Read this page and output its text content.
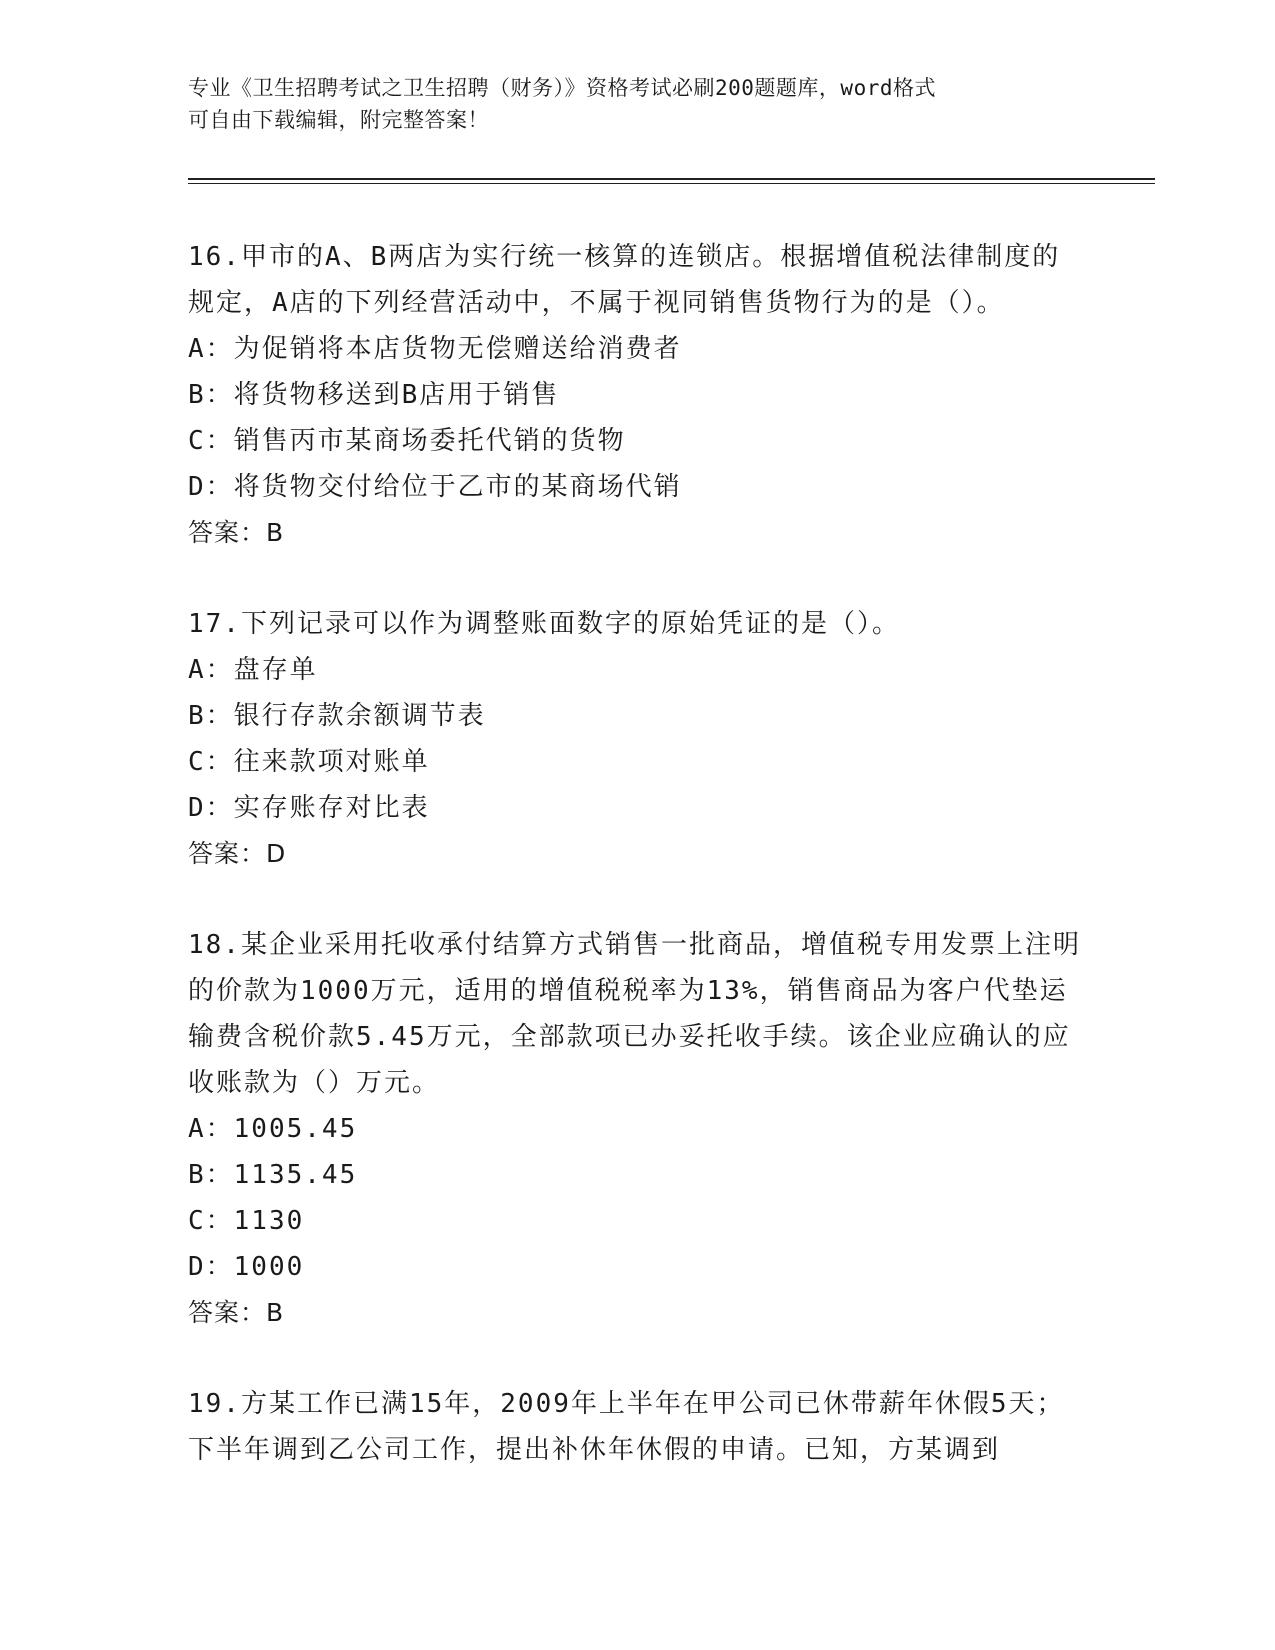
专业《卫生招聘考试之卫生招聘（财务）》资格考试必刷200题题库，word格式
可自由下载编辑，附完整答案！
16.甲市的A、B两店为实行统一核算的连锁店。根据增值税法律制度的规定，A店的下列经营活动中，不属于视同销售货物行为的是（）。
A：为促销将本店货物无偿赠送给消费者
B：将货物移送到B店用于销售
C：销售丙市某商场委托代销的货物
D：将货物交付给位于乙市的某商场代销
答案：B
17.下列记录可以作为调整账面数字的原始凭证的是（）。
A：盘存单
B：银行存款余额调节表
C：往来款项对账单
D：实存账存对比表
答案：D
18.某企业采用托收承付结算方式销售一批商品，增值税专用发票上注明的价款为1000万元，适用的增值税税率为13%，销售商品为客户代垫运输费含税价款5.45万元，全部款项已办妥托收手续。该企业应确认的应收账款为（）万元。
A：1005.45
B：1135.45
C：1130
D：1000
答案：B
19.方某工作已满15年，2009年上半年在甲公司已休带薪年休假5天；下半年调到乙公司工作，提出补休年休假的申请。已知，方某调到
